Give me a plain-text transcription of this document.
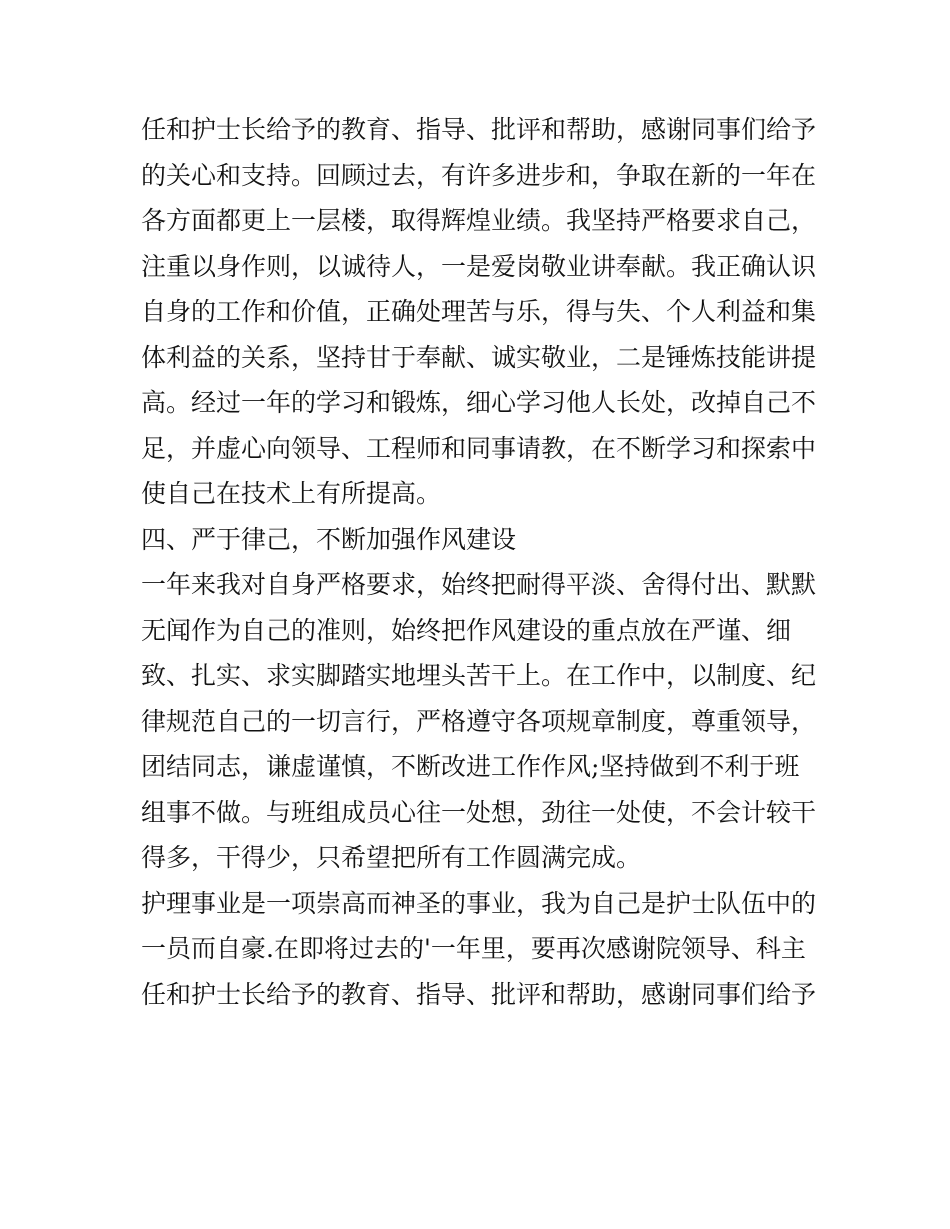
任和护士长给予的教育、指导、批评和帮助，感谢同事们给予
的关心和支持。回顾过去，有许多进步和，争取在新的一年在
各方面都更上一层楼，取得辉煌业绩。我坚持严格要求自己，
注重以身作则，以诚待人，一是爱岗敬业讲奉献。我正确认识
自身的工作和价值，正确处理苦与乐，得与失、个人利益和集
体利益的关系，坚持甘于奉献、诚实敬业，二是锤炼技能讲提
高。经过一年的学习和锻炼，细心学习他人长处，改掉自己不
足，并虚心向领导、工程师和同事请教，在不断学习和探索中
使自己在技术上有所提高。
四、严于律己，不断加强作风建设
一年来我对自身严格要求，始终把耐得平淡、舍得付出、默默
无闻作为自己的准则，始终把作风建设的重点放在严谨、细
致、扎实、求实脚踏实地埋头苦干上。在工作中，以制度、纪
律规范自己的一切言行，严格遵守各项规章制度，尊重领导，
团结同志，谦虚谨慎，不断改进工作作风;坚持做到不利于班
组事不做。与班组成员心往一处想，劲往一处使，不会计较干
得多，干得少，只希望把所有工作圆满完成。
护理事业是一项崇高而神圣的事业，我为自己是护士队伍中的
一员而自豪.在即将过去的'一年里，要再次感谢院领导、科主
任和护士长给予的教育、指导、批评和帮助，感谢同事们给予
